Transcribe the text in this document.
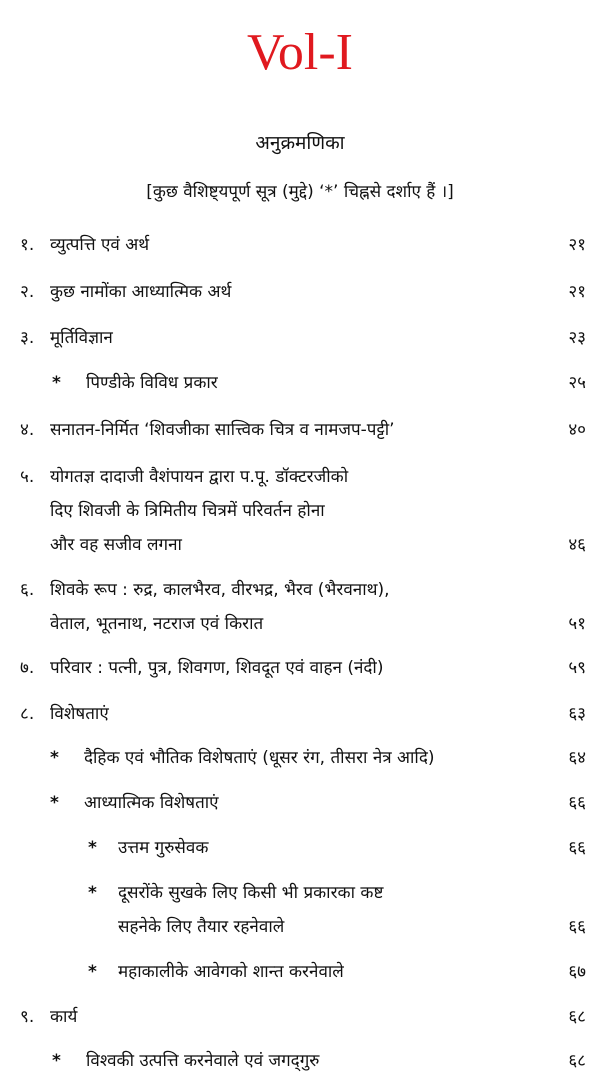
Vol-I
अनुक्रमणिका
[कुछ वैशिष्ट्यपूर्ण सूत्र (मुद्दे) ‘*’ चिह्नसे दर्शाए हैं ।]
१. व्युत्पत्ति एवं अर्थ	२१
२. कुछ नामोंका आध्यात्मिक अर्थ	२१
३. मूर्तिविज्ञान	२३
* पिण्डीके विविध प्रकार	२५
४. सनातन-निर्मित ‘शिवजीका सात्त्विक चित्र व नामजप-पट्टी’	४०
५. योगतज्ञ दादाजी वैशंपायन द्वारा प.पू. डॉक्टरजीको
दिए शिवजी के त्रिमितीय चित्रमें परिवर्तन होना
और वह सजीव लगना	४६
६. शिवके रूप : रुद्र, कालभैरव, वीरभद्र, भैरव (भैरवनाथ),
वेताल, भूतनाथ, नटराज एवं किरात	५१
७. परिवार : पत्नी, पुत्र, शिवगण, शिवदूत एवं वाहन (नंदी)	५९
८. विशेषताएं	६३
* दैहिक एवं भौतिक विशेषताएं (धूसर रंग, तीसरा नेत्र आदि)	६४
* आध्यात्मिक विशेषताएं	६६
* उत्तम गुरुसेवक	६६
* दूसरोंके सुखके लिए किसी भी प्रकारका कष्ट
सहनेके लिए तैयार रहनेवाले	६६
* महाकालीके आवेगको शान्त करनेवाले	६७
९. कार्य	६८
* विश्वकी उत्पत्ति करनेवाले एवं जगद्‌गुरु	६८
